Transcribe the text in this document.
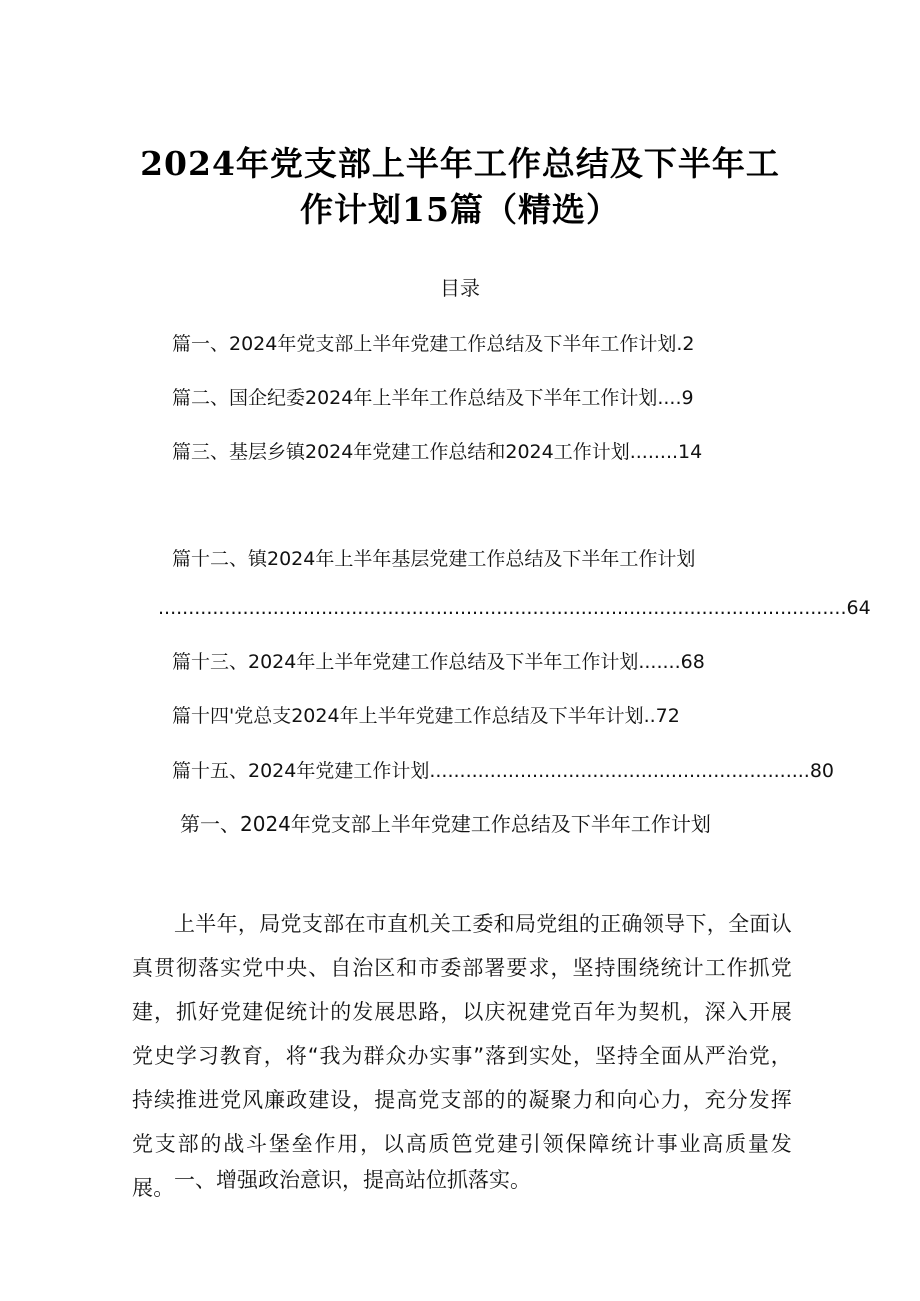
2024年党支部上半年工作总结及下半年工
作计划15篇（精选）
目录
篇一、2024年党支部上半年党建工作总结及下半年工作计划.2
篇二、国企纪委2024年上半年工作总结及下半年工作计划....9
篇三、基层乡镇2024年党建工作总结和2024工作计划........14
篇十二、镇2024年上半年基层党建工作总结及下半年工作计划
..................................................................................................................64
篇十三、2024年上半年党建工作总结及下半年工作计划.......68
篇十四'党总支2024年上半年党建工作总结及下半年计划..72
篇十五、2024年党建工作计划...............................................................80
第一、2024年党支部上半年党建工作总结及下半年工作计划
上半年，局党支部在市直机关工委和局党组的正确领导下，全面认真贯彻落实党中央、自治区和市委部署要求，坚持围绕统计工作抓党建，抓好党建促统计的发展思路，以庆祝建党百年为契机，深入开展党史学习教育，将“我为群众办实事”落到实处，坚持全面从严治党，持续推进党风廉政建设，提高党支部的的凝聚力和向心力，充分发挥党支部的战斗堡垒作用，以高质笆党建引领保障统计事业高质量发展。 一、增强政治意识，提高站位抓落实。
